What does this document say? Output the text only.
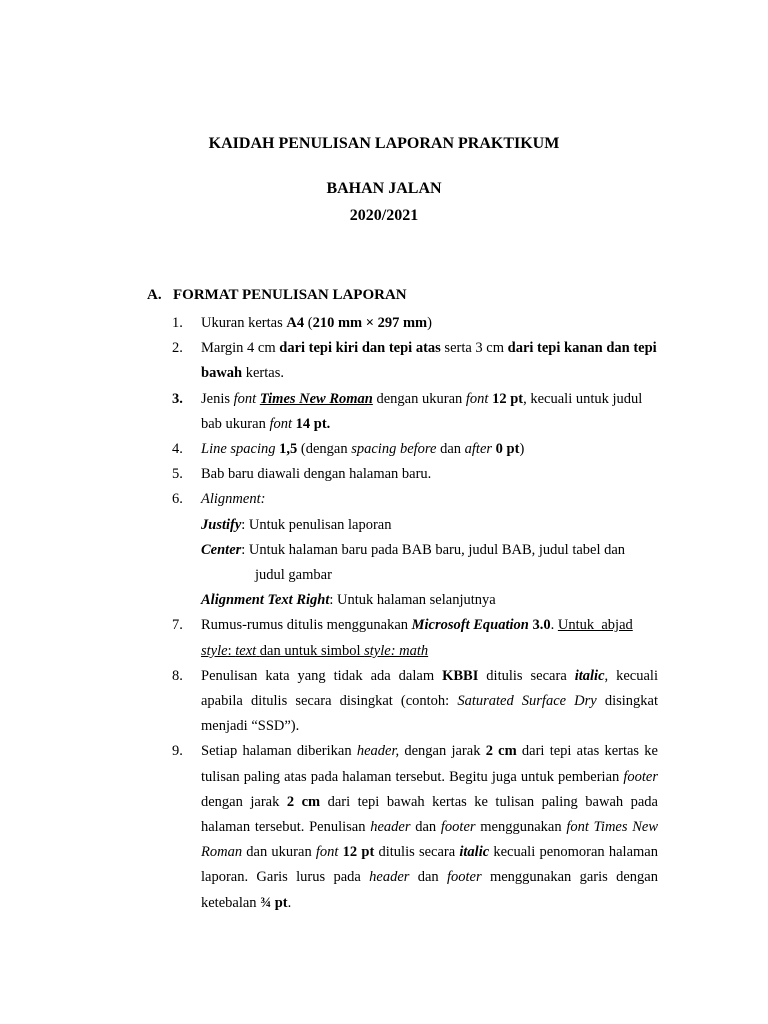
KAIDAH PENULISAN LAPORAN PRAKTIKUM
BAHAN JALAN
2020/2021
A. FORMAT PENULISAN LAPORAN
1. Ukuran kertas A4 (210 mm × 297 mm)
2. Margin 4 cm dari tepi kiri dan tepi atas serta 3 cm dari tepi kanan dan tepi bawah kertas.
3. Jenis font Times New Roman dengan ukuran font 12 pt, kecuali untuk judul bab ukuran font 14 pt.
4. Line spacing 1,5 (dengan spacing before dan after 0 pt)
5. Bab baru diawali dengan halaman baru.
6. Alignment:
Justify: Untuk penulisan laporan
Center: Untuk halaman baru pada BAB baru, judul BAB, judul tabel dan
judul gambar
Alignment Text Right: Untuk halaman selanjutnya
7. Rumus-rumus ditulis menggunakan Microsoft Equation 3.0. Untuk  abjad
style: text dan untuk simbol style: math
8. Penulisan kata yang tidak ada dalam KBBI ditulis secara italic, kecuali apabila ditulis secara disingkat (contoh: Saturated Surface Dry disingkat menjadi “SSD”).
9. Setiap halaman diberikan header, dengan jarak 2 cm dari tepi atas kertas ke tulisan paling atas pada halaman tersebut. Begitu juga untuk pemberian footer dengan jarak 2 cm dari tepi bawah kertas ke tulisan paling bawah pada halaman tersebut. Penulisan header dan footer menggunakan font Times New Roman dan ukuran font 12 pt ditulis secara italic kecuali penomoran halaman laporan. Garis lurus pada header dan footer menggunakan garis dengan ketebalan ¾ pt.
